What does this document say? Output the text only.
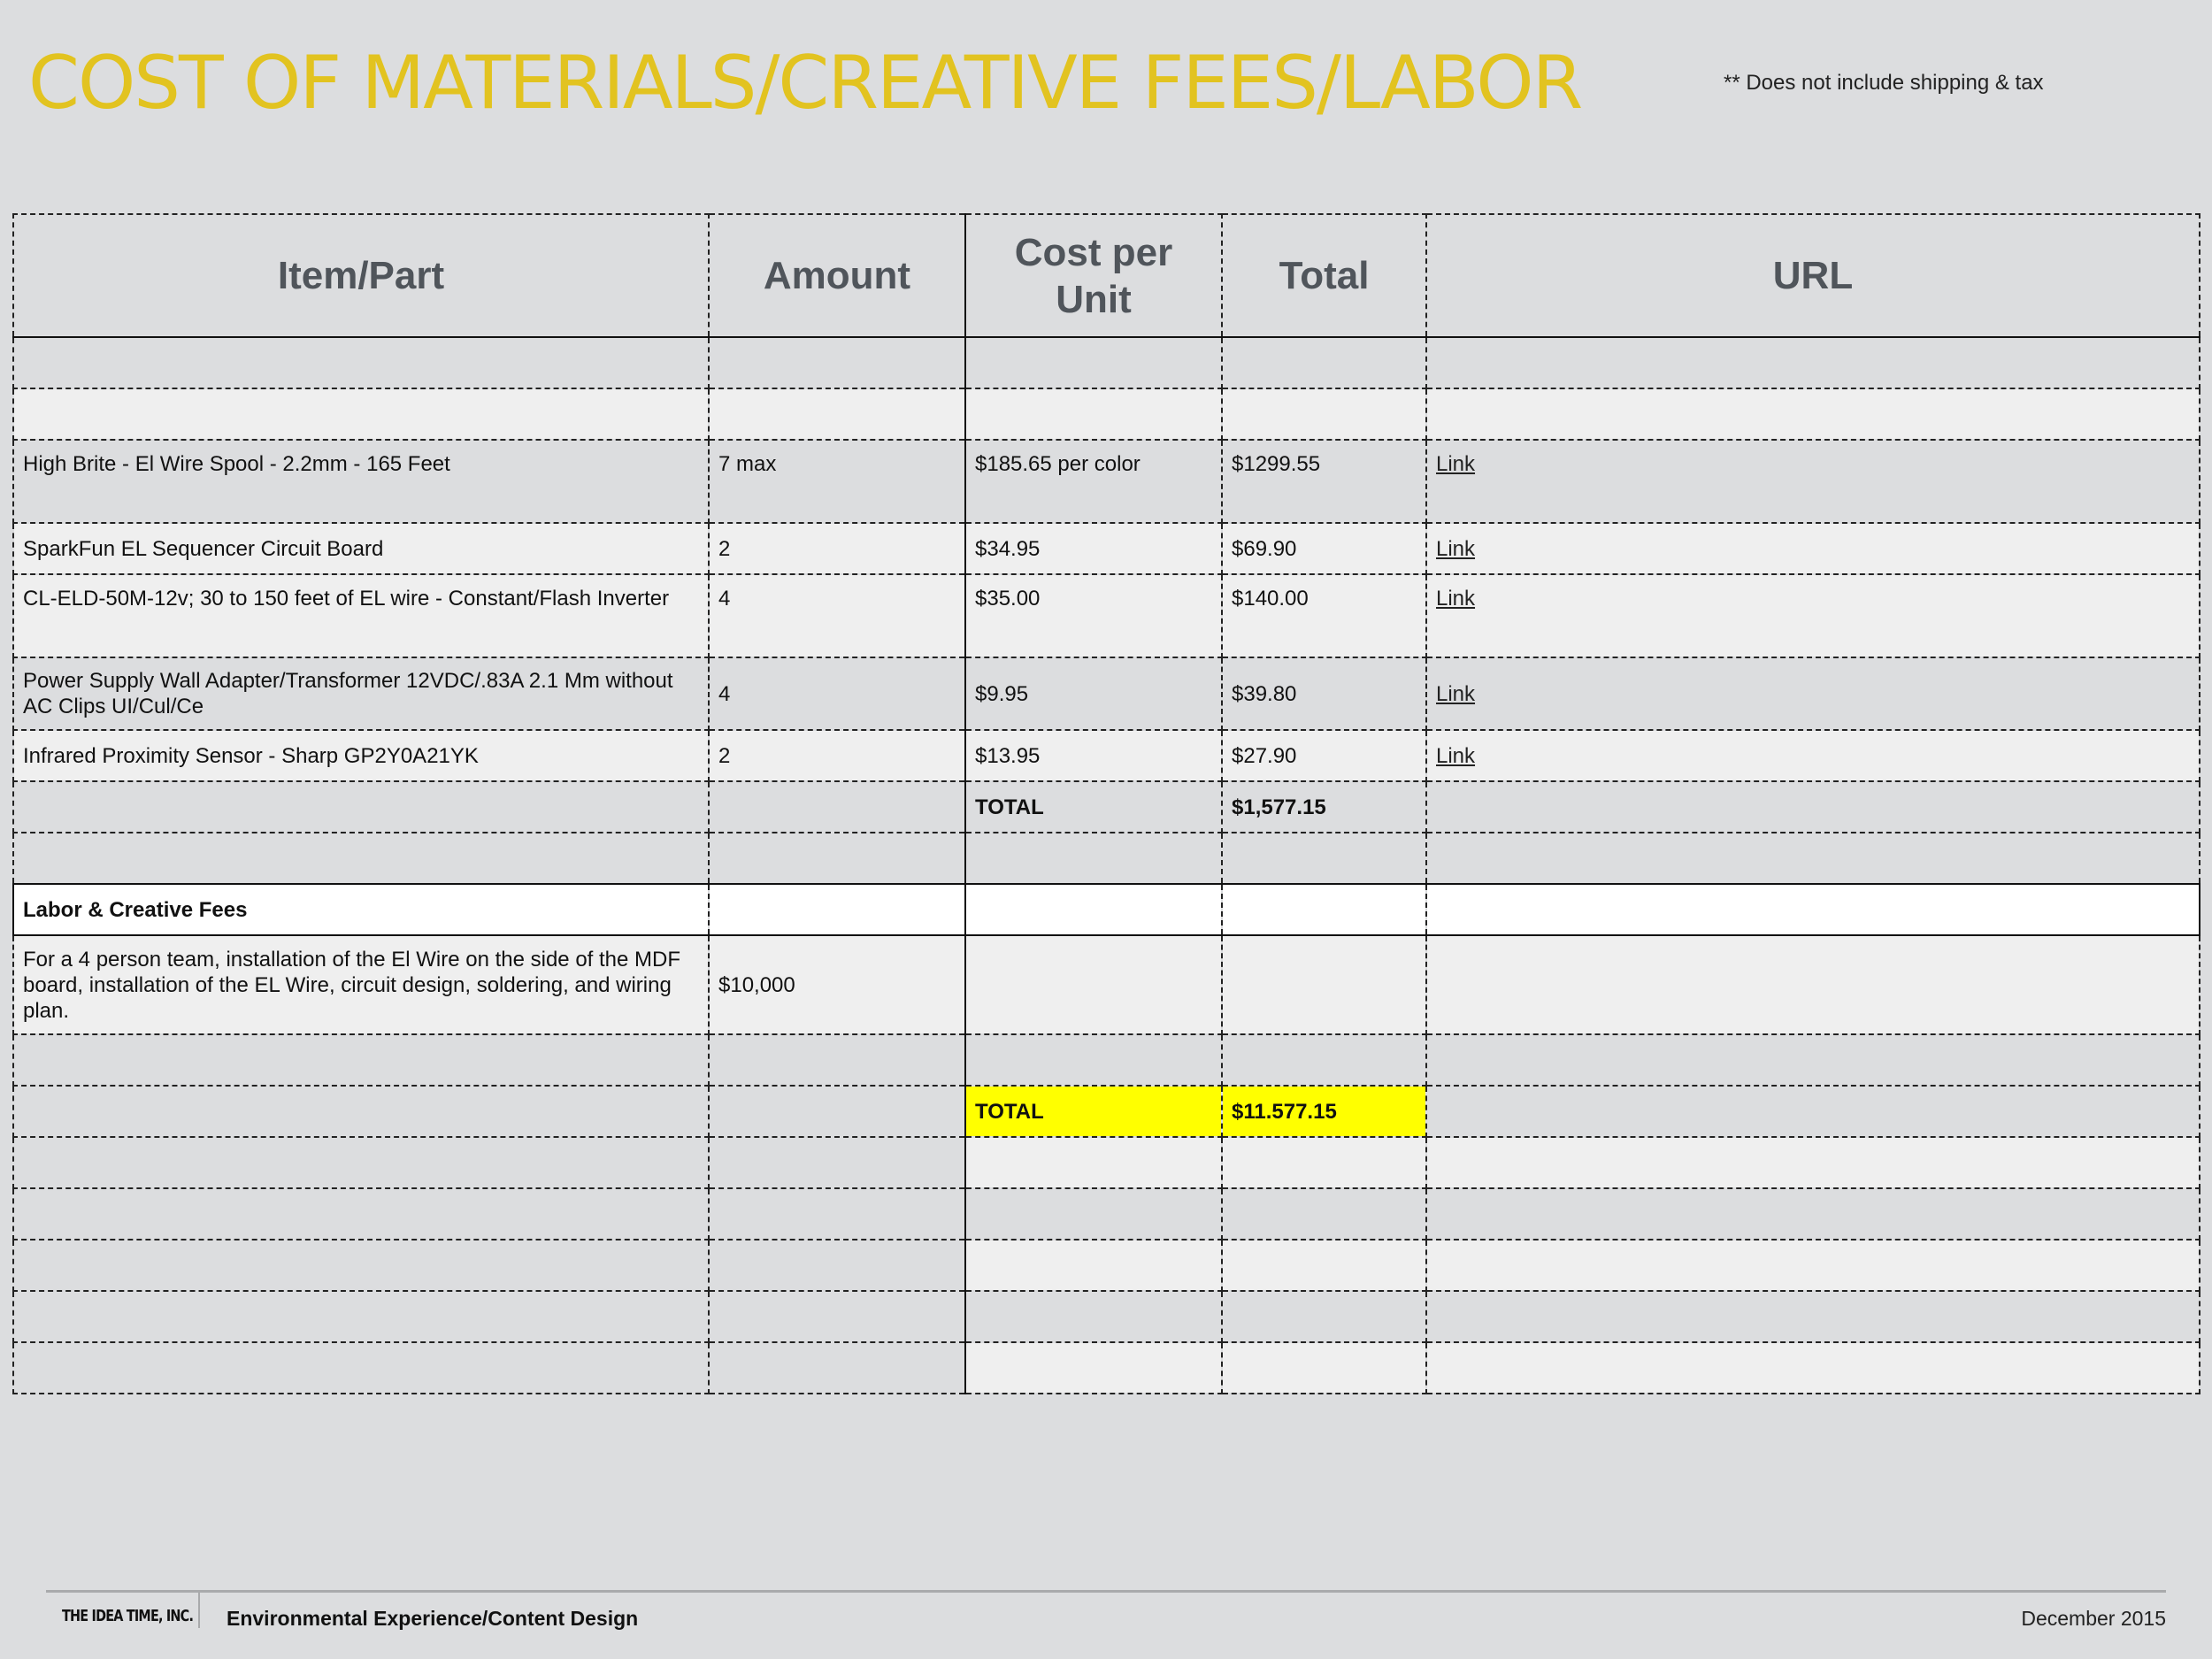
COST OF MATERIALS/CREATIVE FEES/LABOR	** Does not include shipping & tax
Item/Part	Amount	Cost per Unit	Total	URL

High Brite - El Wire Spool - 2.2mm - 165 Feet	7 max	$185.65 per color	$1299.55	Link
SparkFun EL Sequencer Circuit Board	2	$34.95	$69.90	Link
CL-ELD-50M-12v; 30 to 150 feet of EL wire - Constant/Flash Inverter	4	$35.00	$140.00	Link
Power Supply Wall Adapter/Transformer 12VDC/.83A 2.1 Mm without AC Clips UI/Cul/Ce	4	$9.95	$39.80	Link
Infrared Proximity Sensor - Sharp GP2Y0A21YK	2	$13.95	$27.90	Link
		TOTAL	$1,577.15	

Labor & Creative Fees				
For a 4 person team, installation of the El Wire on the side of the MDF board, installation of the EL Wire, circuit design, soldering, and wiring plan.	$10,000			

		TOTAL	$11.577.15	

THE IDEA TIME, INC. Environmental Experience/Content Design	December 2015
